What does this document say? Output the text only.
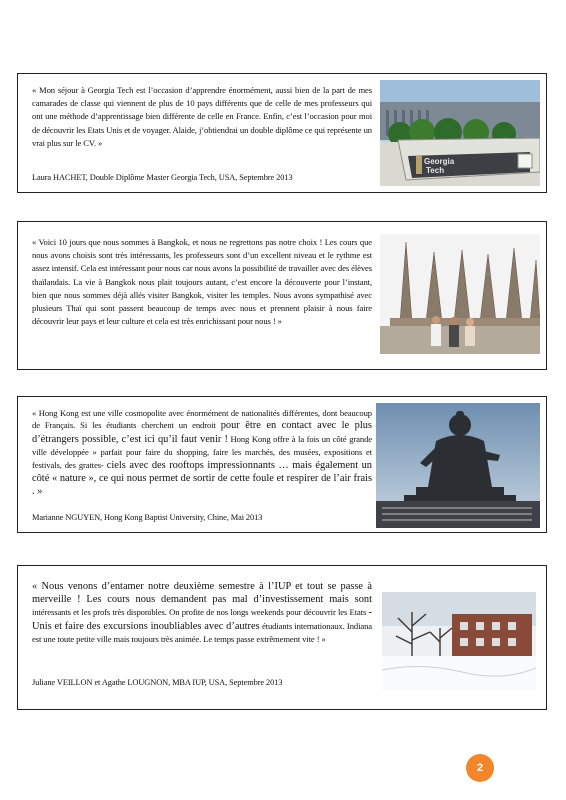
« Mon séjour à Georgia Tech est l’occasion d’apprendre énormément, aussi bien de la part de mes camarades de classe qui viennent de plus de 10 pays différents que de celle de mes professeurs qui ont une méthode d’apprentissage bien différente de celle en France. Enfin, c’est l’occasion pour moi de découvrir les Etats Unis et de voyager. Alaide, j’obtiendrai un double diplôme ce qui représente un vrai plus sur le CV. »
Laura HACHET, Double Diplôme Master Georgia Tech, USA, Septembre 2013
Georgia
Tech
« Voici 10 jours que nous sommes à Bangkok, et nous ne regrettons pas notre choix ! Les cours que nous avons choisis sont très intéressants, les professeurs sont d’un excellent niveau et le rythme est assez intensif. Cela est intéressant pour nous car nous avons la possibilité de travailler avec des élèves thaïlandais. La vie à Bangkok nous plait toujours autant, c’est encore la découverte pour l’instant, bien que nous sommes déjà allés visiter Bangkok, visiter les temples. Nous avons sympathisé avec plusieurs Thaï qui sont passent beaucoup de temps avec nous et prennent plaisir à nous faire découvrir leur pays et leur culture et cela est très enrichissant pour nous ! »
« Hong Kong est une ville cosmopolite avec énormément de nationalités différentes, dont beaucoup de Français. Si les étudiants cherchent un endroit pour être en contact avec le plus d’étrangers possible, c’est ici qu’il faut venir ! Hong Kong offre à la fois un côté grande ville développée » parfait pour faire du shopping, faire les marchés, des musées, expositions et festivals, des grattes- ciels avec des rooftops impressionnants … mais également un côté « nature », ce qui nous permet de sortir de cette foule et respirer de l’air frais . »
Marianne NGUYEN, Hong Kong Baptist University, Chine, Mai 2013
« Nous venons d’entamer notre deuxième semestre à l’IUP et tout se passe à merveille ! Les cours nous demandent pas mal d’investissement mais sont intéressants et les profs très disponibles. On profite de nos longs weekends pour découvrir les Etats -Unis et faire des excursions inoubliables avec d’autres étudiants internationaux. Indiana est une toute petite ville mais toujours très animée. Le temps passe extrêmement vite ! »
Juliane VEILLON et Agathe LOUGNON, MBA IUP, USA, Septembre 2013
2
